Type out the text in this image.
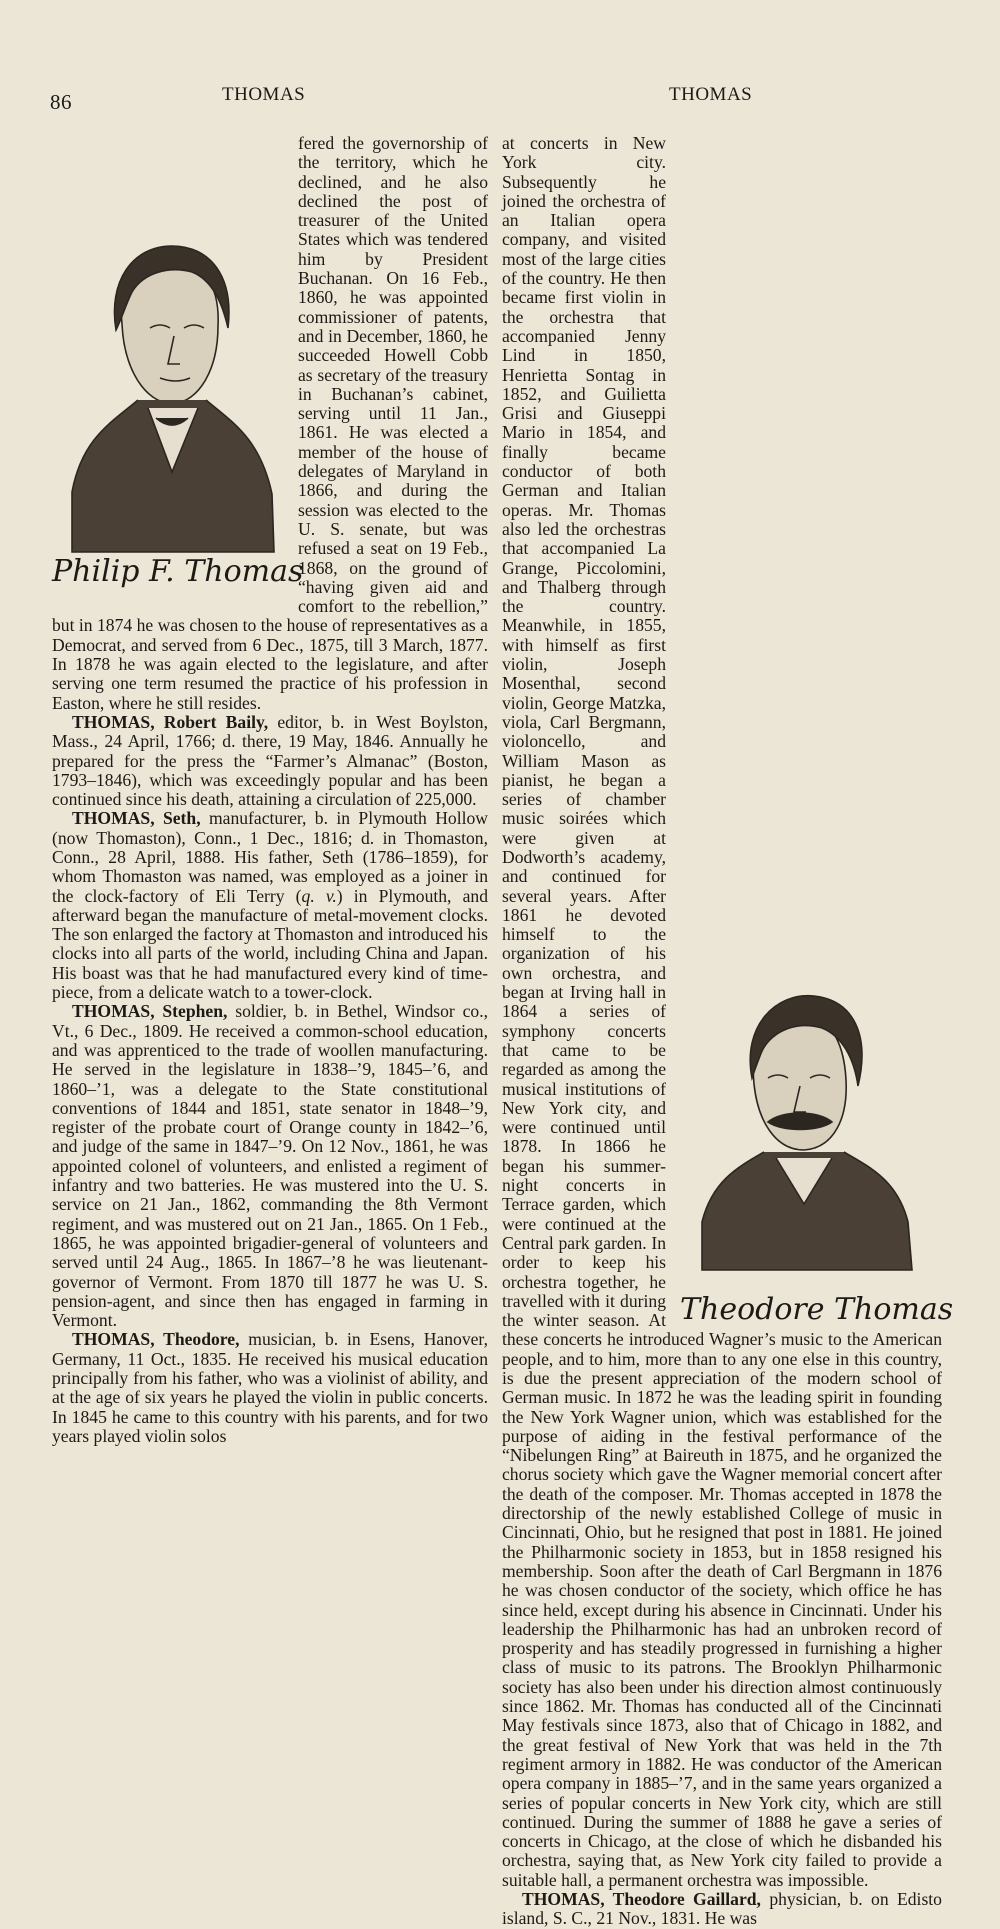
86	THOMAS	THOMAS
Philip F. Thomas

fered the governorship of the territory, which he declined, and he also declined the post of treasurer of the United States which was tendered him by President Buchanan. On 16 Feb., 1860, he was appointed commissioner of patents, and in December, 1860, he succeeded Howell Cobb as secretary of the treasury in Buchanan’s cabinet, serving until 11 Jan., 1861. He was elected a member of the house of delegates of Maryland in 1866, and during the session was elected to the U. S. senate, but was refused a seat on 19 Feb., 1868, on the ground of “having given aid and comfort to the rebellion,” but in 1874 he was chosen to the house of representatives as a Democrat, and served from 6 Dec., 1875, till 3 March, 1877. In 1878 he was again elected to the legislature, and after serving one term resumed the practice of his profession in Easton, where he still resides.

THOMAS, Robert Baily, editor, b. in West Boylston, Mass., 24 April, 1766; d. there, 19 May, 1846. Annually he prepared for the press the “Farmer’s Almanac” (Boston, 1793–1846), which was exceedingly popular and has been continued since his death, attaining a circulation of 225,000.

THOMAS, Seth, manufacturer, b. in Plymouth Hollow (now Thomaston), Conn., 1 Dec., 1816; d. in Thomaston, Conn., 28 April, 1888. His father, Seth (1786–1859), for whom Thomaston was named, was employed as a joiner in the clock-factory of Eli Terry (q. v.) in Plymouth, and afterward began the manufacture of metal-movement clocks. The son enlarged the factory at Thomaston and introduced his clocks into all parts of the world, including China and Japan. His boast was that he had manufactured every kind of time-piece, from a delicate watch to a tower-clock.

THOMAS, Stephen, soldier, b. in Bethel, Windsor co., Vt., 6 Dec., 1809. He received a common-school education, and was apprenticed to the trade of woollen manufacturing. He served in the legislature in 1838–’9, 1845–’6, and 1860–’1, was a delegate to the State constitutional conventions of 1844 and 1851, state senator in 1848–’9, register of the probate court of Orange county in 1842–’6, and judge of the same in 1847–’9. On 12 Nov., 1861, he was appointed colonel of volunteers, and enlisted a regiment of infantry and two batteries. He was mustered into the U. S. service on 21 Jan., 1862, commanding the 8th Vermont regiment, and was mustered out on 21 Jan., 1865. On 1 Feb., 1865, he was appointed brigadier-general of volunteers and served until 24 Aug., 1865. In 1867–’8 he was lieutenant-governor of Vermont. From 1870 till 1877 he was U. S. pension-agent, and since then has engaged in farming in Vermont.

THOMAS, Theodore, musician, b. in Esens, Hanover, Germany, 11 Oct., 1835. He received his musical education principally from his father, who was a violinist of ability, and at the age of six years he played the violin in public concerts. In 1845 he came to this country with his parents, and for two years played violin solos

at concerts in New York city. Subsequently he joined the orchestra of an Italian opera company, and visited most of the large cities of the country. He then became first violin in the orchestra that accompanied Jenny Lind in 1850, Henrietta Sontag in 1852, and Guilietta Grisi and Giuseppi Mario in 1854, and finally became conductor of both German and Italian operas. Mr. Thomas also led the orchestras that accompanied La Grange, Piccolomini, and Thalberg through the country. Meanwhile, in 1855, with himself as first violin, Joseph Mosenthal, second violin, George Matzka, viola, Carl Bergmann, violoncello, and William Mason as pianist, he began a series of chamber music soirées which were given at Dodworth’s academy, and continued for several years. After 1861 he devoted himself to the organization of his own orchestra, and began at Irving hall in 1864 a series of symphony concerts that came to be regarded as among the musical institutions of New York city, and were continued until 1878. In 1866 he began his summer-night concerts in Terrace garden, which were continued at the Central park garden. In order to keep his orchestra together, he travelled with it during the winter season. At these concerts he introduced Wagner’s music to the American people, and to him, more than to any one else in this country, is due the present appreciation of the modern school of German music. In 1872 he was the leading spirit in founding the New York Wagner union, which was established for the purpose of aiding in the festival performance of the “Nibelungen Ring” at Baireuth in 1875, and he organized the chorus society which gave the Wagner memorial concert after the death of the composer. Mr. Thomas accepted in 1878 the directorship of the newly established College of music in Cincinnati, Ohio, but he resigned that post in 1881. He joined the Philharmonic society in 1853, but in 1858 resigned his membership. Soon after the death of Carl Bergmann in 1876 he was chosen conductor of the society, which office he has since held, except during his absence in Cincinnati. Under his leadership the Philharmonic has had an unbroken record of prosperity and has steadily progressed in furnishing a higher class of music to its patrons. The Brooklyn Philharmonic society has also been under his direction almost continuously since 1862. Mr. Thomas has conducted all of the Cincinnati May festivals since 1873, also that of Chicago in 1882, and the great festival of New York that was held in the 7th regiment armory in 1882. He was conductor of the American opera company in 1885–’7, and in the same years organized a series of popular concerts in New York city, which are still continued. During the summer of 1888 he gave a series of concerts in Chicago, at the close of which he disbanded his orchestra, saying that, as New York city failed to provide a suitable hall, a permanent orchestra was impossible.

THOMAS, Theodore Gaillard, physician, b. on Edisto island, S. C., 21 Nov., 1831. He was

Theodore Thomas
